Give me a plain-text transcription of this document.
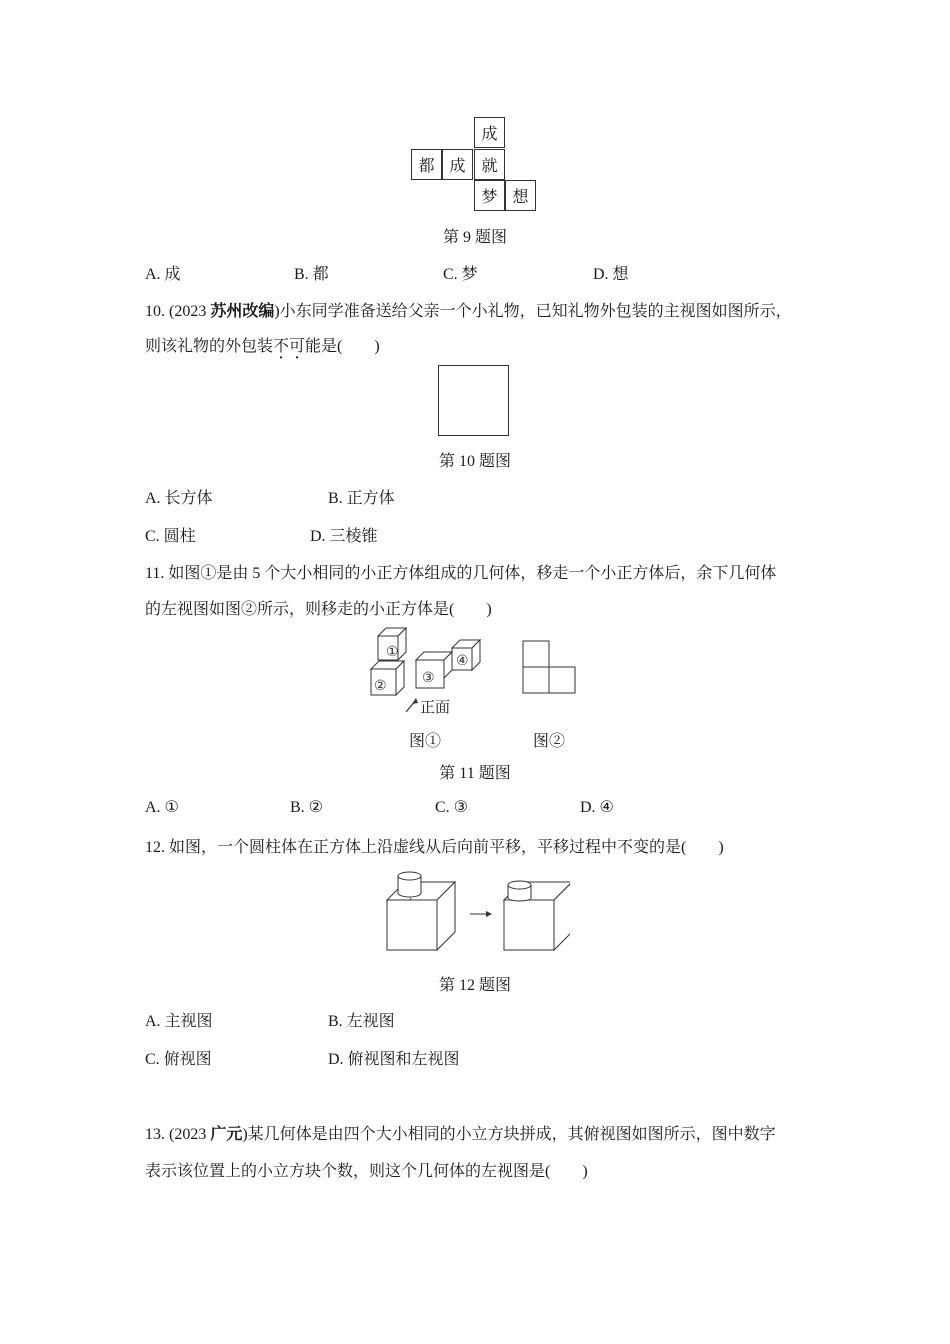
成
都 成 就
梦 想
第 9 题图
A. 成	B. 都	C. 梦	D. 想
10. (2023 苏州改编)小东同学准备送给父亲一个小礼物，已知礼物外包装的主视图如图所示，
则该礼物的外包装不可能是(　　)
第 10 题图
A. 长方体	B. 正方体
C. 圆柱	D. 三棱锥
11. 如图①是由 5 个大小相同的小正方体组成的几何体，移走一个小正方体后，余下几何体
的左视图如图②所示，则移走的小正方体是(　　)
①
②
③
④
正面
图①	图②
第 11 题图
A. ①	B. ②	C. ③	D. ④
12. 如图，一个圆柱体在正方体上沿虚线从后向前平移，平移过程中不变的是(　　)
第 12 题图
A. 主视图	B. 左视图
C. 俯视图	D. 俯视图和左视图
13. (2023 广元)某几何体是由四个大小相同的小立方块拼成，其俯视图如图所示，图中数字
表示该位置上的小立方块个数，则这个几何体的左视图是(　　)
